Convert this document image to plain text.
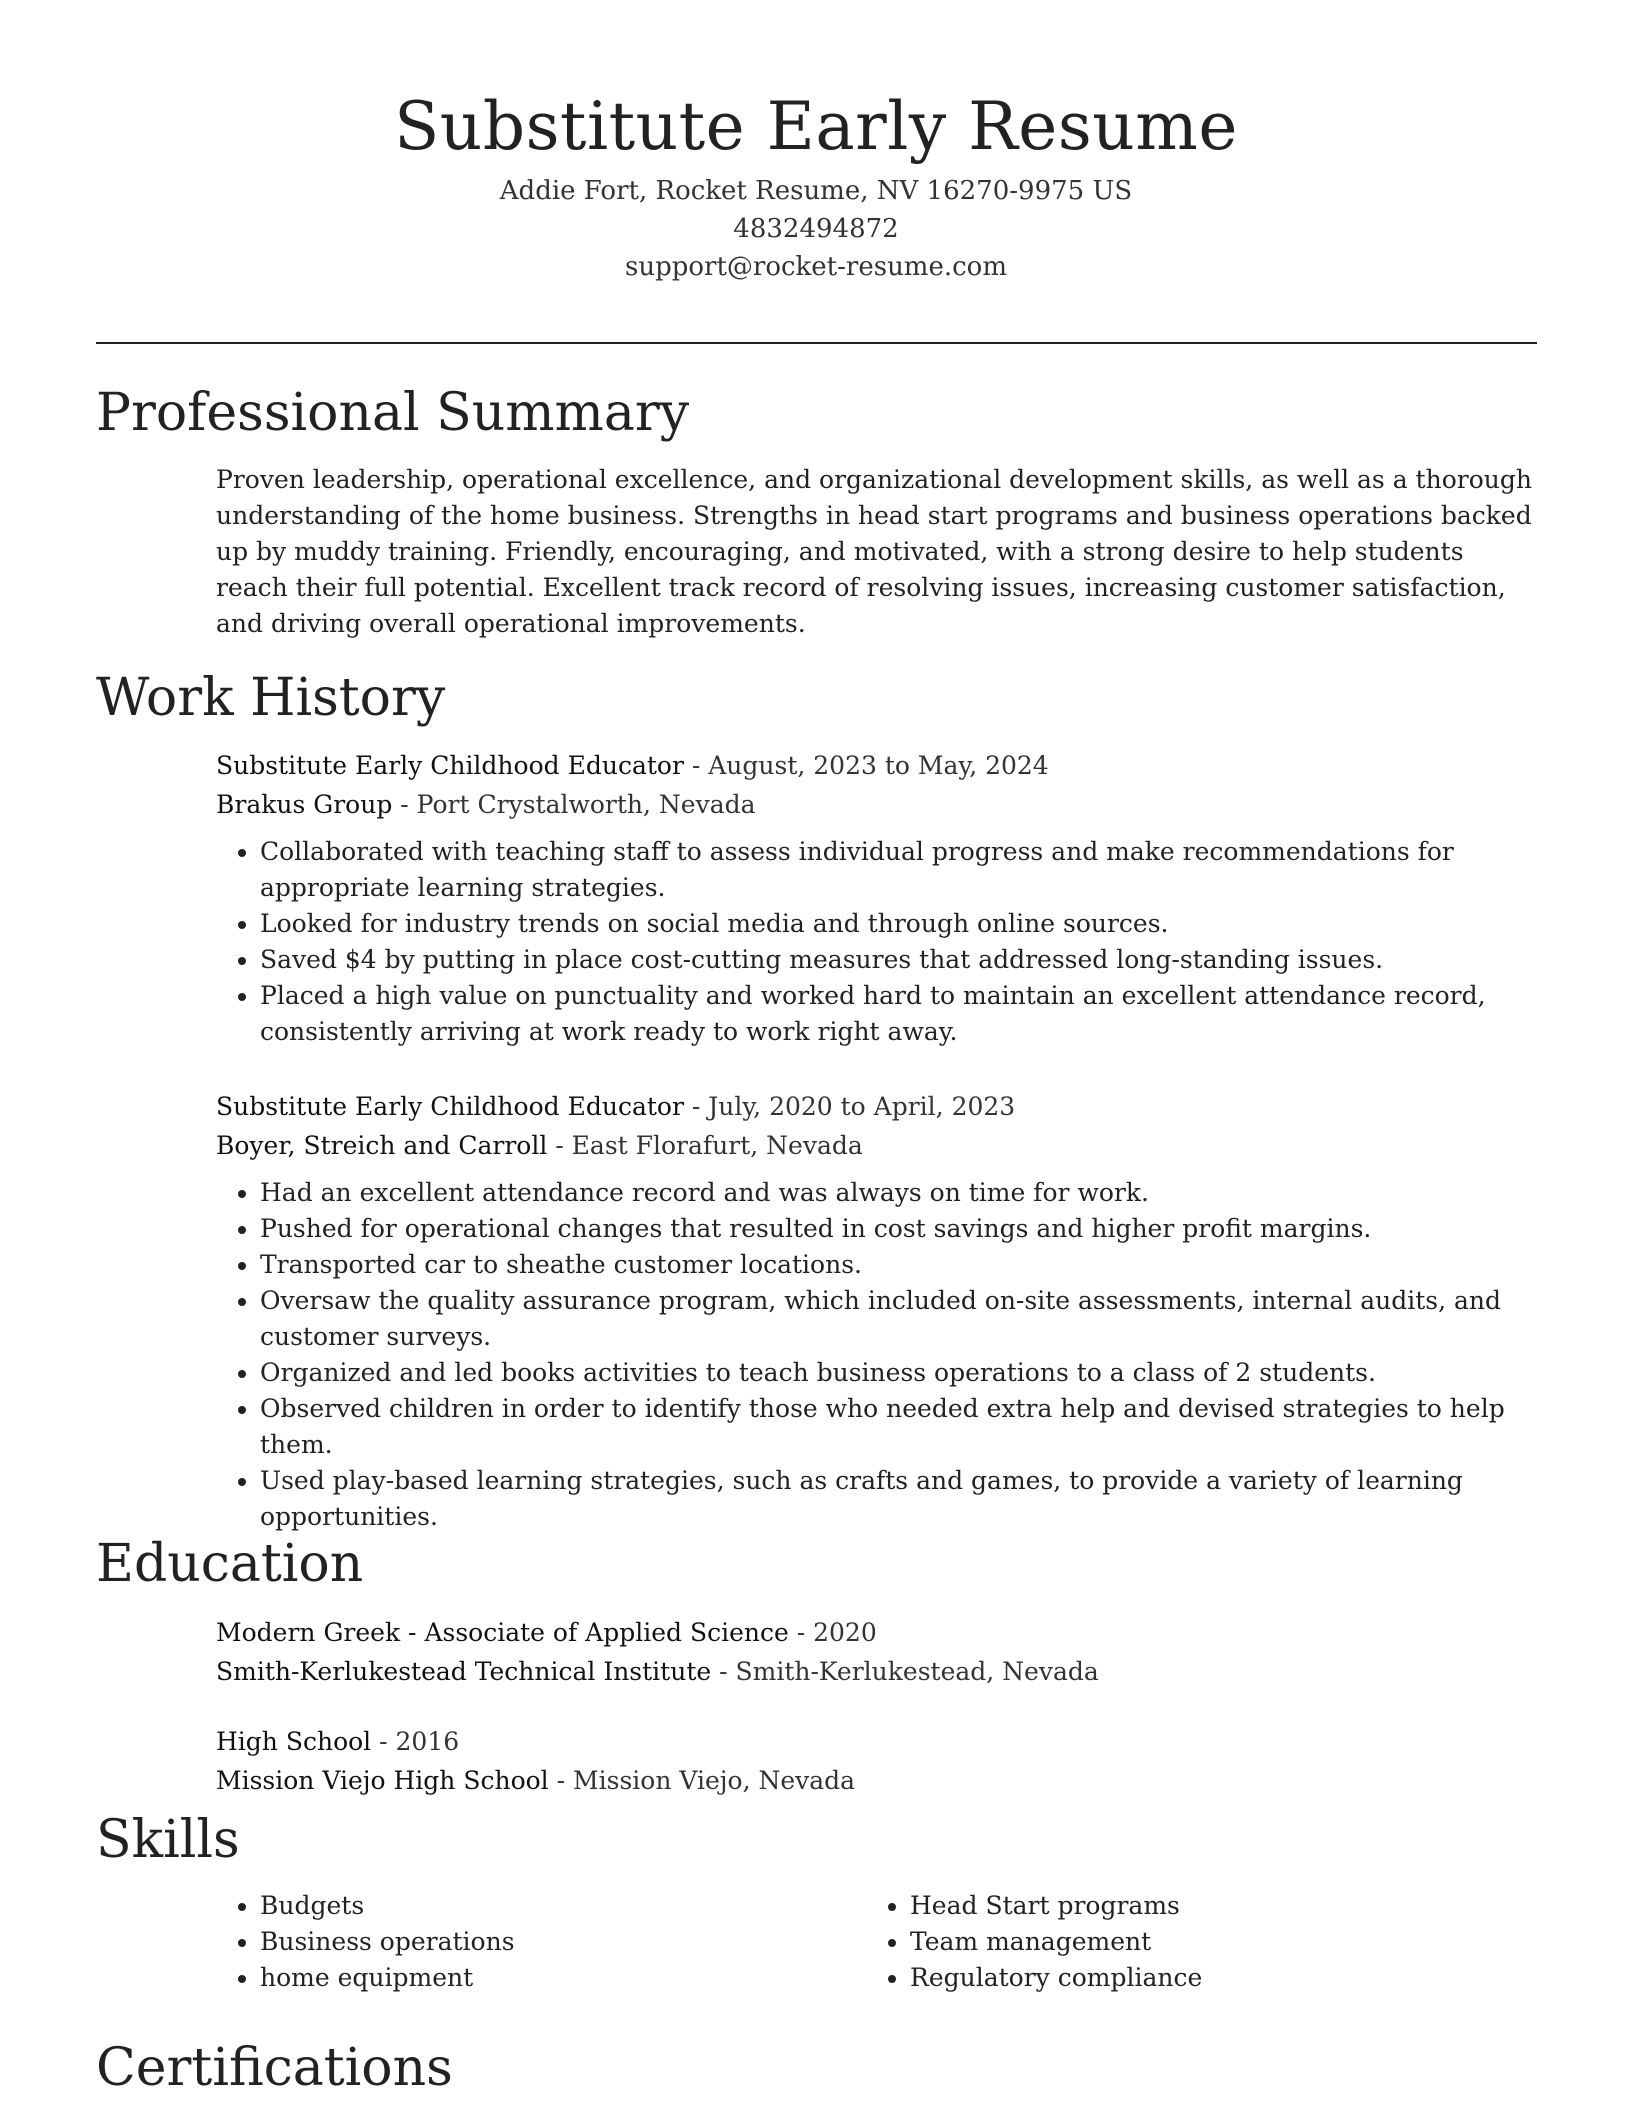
Substitute Early Resume
Addie Fort, Rocket Resume, NV 16270-9975 US
4832494872
support@rocket-resume.com
Professional Summary

Proven leadership, operational excellence, and organizational development skills, as well as a thorough understanding of the home business. Strengths in head start programs and business operations backed up by muddy training. Friendly, encouraging, and motivated, with a strong desire to help students reach their full potential. Excellent track record of resolving issues, increasing customer satisfaction, and driving overall operational improvements.

Work History
Substitute Early Childhood Educator - August, 2023 to May, 2024
Brakus Group - Port Crystalworth, Nevada
• Collaborated with teaching staff to assess individual progress and make recommendations for appropriate learning strategies.
• Looked for industry trends on social media and through online sources.
• Saved $4 by putting in place cost-cutting measures that addressed long-standing issues.
• Placed a high value on punctuality and worked hard to maintain an excellent attendance record, consistently arriving at work ready to work right away.
Substitute Early Childhood Educator - July, 2020 to April, 2023
Boyer, Streich and Carroll - East Florafurt, Nevada
• Had an excellent attendance record and was always on time for work.
• Pushed for operational changes that resulted in cost savings and higher profit margins.
• Transported car to sheathe customer locations.
• Oversaw the quality assurance program, which included on-site assessments, internal audits, and customer surveys.
• Organized and led books activities to teach business operations to a class of 2 students.
• Observed children in order to identify those who needed extra help and devised strategies to help them.
• Used play-based learning strategies, such as crafts and games, to provide a variety of learning opportunities.
Education
Modern Greek - Associate of Applied Science - 2020
Smith-Kerlukestead Technical Institute - Smith-Kerlukestead, Nevada
High School - 2016
Mission Viejo High School - Mission Viejo, Nevada
Skills
• Budgets
• Business operations
• home equipment
• Head Start programs
• Team management
• Regulatory compliance
Certifications
